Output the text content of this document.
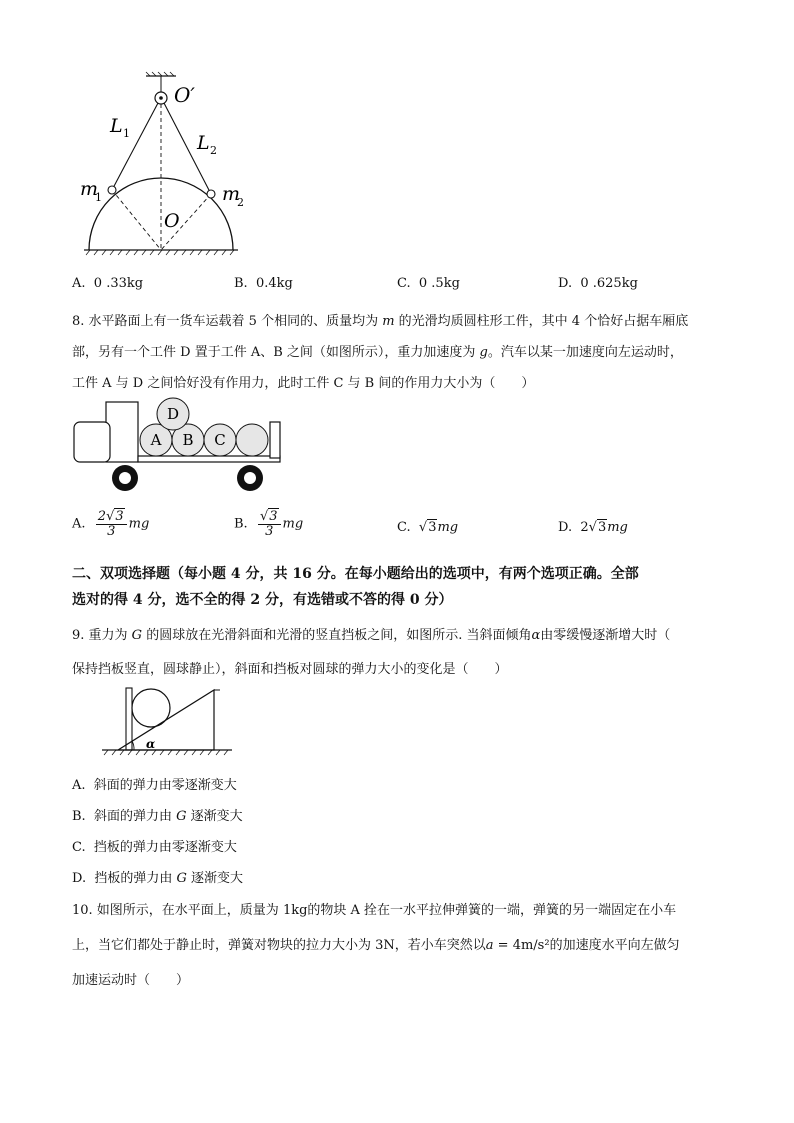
O′
L 1	L 2
m
1	m
2
O
A. 0 .33kg	B. 0.4kg	C. 0 .5kg	D. 0 .625kg
8. 水平路面上有一货车运载着 5 个相同的、质量均为 m 的光滑均质圆柱形工件，其中 4 个恰好占据车厢底
部，另有一个工件 D 置于工件 A、B 之间（如图所示），重力加速度为 g。汽车以某一加速度向左运动时，
工件 A 与 D 之间恰好没有作用力，此时工件 C 与 B 间的作用力大小为（　　）
A B C
D
A. $\frac{2√3}{3}$ mg	B. $\frac{√3}{3}$ mg	C.  √3mg	D. 2√3mg
二、双项选择题（每小题 4 分，共 16 分。在每小题给出的选项中，有两个选项正确。全部
选对的得 4 分，选不全的得 2 分，有选错或不答的得 0 分）
9. 重力为 G 的圆球放在光滑斜面和光滑的竖直挡板之间，如图所示. 当斜面倾角α由零缓慢逐渐增大时（
保持挡板竖直，圆球静止），斜面和挡板对圆球的弹力大小的变化是（　　）
α
A. 斜面的弹力由零逐渐变大
B. 斜面的弹力由 G 逐渐变大
C. 挡板的弹力由零逐渐变大
D. 挡板的弹力由 G 逐渐变大
10. 如图所示，在水平面上，质量为 1kg的物块 A 拴在一水平拉伸弹簧的一端，弹簧的另一端固定在小车
上，当它们都处于静止时，弹簧对物块的拉力大小为 3N，若小车突然以a = 4m/s²的加速度水平向左做匀
加速运动时（　　）
